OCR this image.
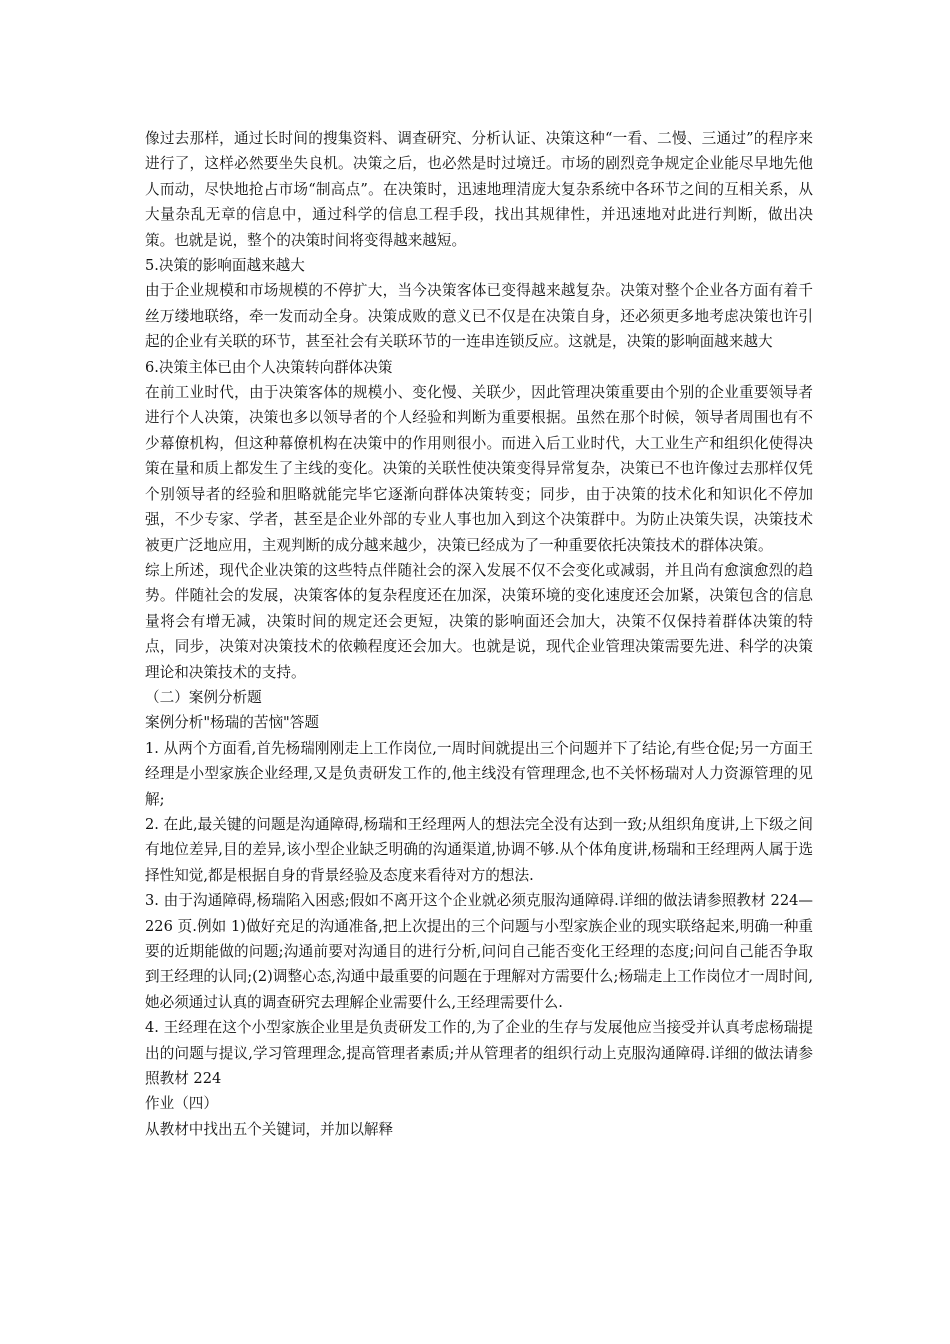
像过去那样，通过长时间的搜集资料、调查研究、分析认证、决策这种“一看、二慢、三通过”的程序来进行了，这样必然要坐失良机。决策之后，也必然是时过境迁。市场的剧烈竞争规定企业能尽早地先他人而动，尽快地抢占市场“制高点”。在决策时，迅速地理清庞大复杂系统中各环节之间的互相关系，从大量杂乱无章的信息中，通过科学的信息工程手段，找出其规律性，并迅速地对此进行判断，做出决策。也就是说，整个的决策时间将变得越来越短。

5.决策的影响面越来越大

由于企业规模和市场规模的不停扩大，当今决策客体已变得越来越复杂。决策对整个企业各方面有着千丝万缕地联络，牵一发而动全身。决策成败的意义已不仅是在决策自身，还必须更多地考虑决策也许引起的企业有关联的环节，甚至社会有关联环节的一连串连锁反应。这就是，决策的影响面越来越大

6.决策主体已由个人决策转向群体决策

在前工业时代，由于决策客体的规模小、变化慢、关联少，因此管理决策重要由个别的企业重要领导者进行个人决策，决策也多以领导者的个人经验和判断为重要根据。虽然在那个时候，领导者周围也有不少幕僚机构，但这种幕僚机构在决策中的作用则很小。而进入后工业时代，大工业生产和组织化使得决策在量和质上都发生了主线的变化。决策的关联性使决策变得异常复杂，决策已不也许像过去那样仅凭个别领导者的经验和胆略就能完毕它逐渐向群体决策转变；同步，由于决策的技术化和知识化不停加强，不少专家、学者，甚至是企业外部的专业人事也加入到这个决策群中。为防止决策失误，决策技术被更广泛地应用，主观判断的成分越来越少，决策已经成为了一种重要依托决策技术的群体决策。

综上所述，现代企业决策的这些特点伴随社会的深入发展不仅不会变化或减弱，并且尚有愈演愈烈的趋势。伴随社会的发展，决策客体的复杂程度还在加深，决策环境的变化速度还会加紧，决策包含的信息量将会有增无减，决策时间的规定还会更短，决策的影响面还会加大，决策不仅保持着群体决策的特点，同步，决策对决策技术的依赖程度还会加大。也就是说，现代企业管理决策需要先进、科学的决策理论和决策技术的支持。

（二）案例分析题

案例分析"杨瑞的苦恼"答题

1. 从两个方面看,首先杨瑞刚刚走上工作岗位,一周时间就提出三个问题并下了结论,有些仓促;另一方面王经理是小型家族企业经理,又是负责研发工作的,他主线没有管理理念,也不关怀杨瑞对人力资源管理的见解;

2. 在此,最关键的问题是沟通障碍,杨瑞和王经理两人的想法完全没有达到一致;从组织角度讲,上下级之间有地位差异,目的差异,该小型企业缺乏明确的沟通渠道,协调不够.从个体角度讲,杨瑞和王经理两人属于选择性知觉,都是根据自身的背景经验及态度来看待对方的想法.

3. 由于沟通障碍,杨瑞陷入困惑;假如不离开这个企业就必须克服沟通障碍.详细的做法请参照教材 224—226 页.例如 1)做好充足的沟通准备,把上次提出的三个问题与小型家族企业的现实联络起来,明确一种重要的近期能做的问题;沟通前要对沟通目的进行分析,问问自己能否变化王经理的态度;问问自己能否争取到王经理的认同;(2)调整心态,沟通中最重要的问题在于理解对方需要什么;杨瑞走上工作岗位才一周时间,她必须通过认真的调查研究去理解企业需要什么,王经理需要什么.

4. 王经理在这个小型家族企业里是负责研发工作的,为了企业的生存与发展他应当接受并认真考虑杨瑞提出的问题与提议,学习管理理念,提高管理者素质;并从管理者的组织行动上克服沟通障碍.详细的做法请参照教材 224

作业（四）

从教材中找出五个关键词，并加以解释
